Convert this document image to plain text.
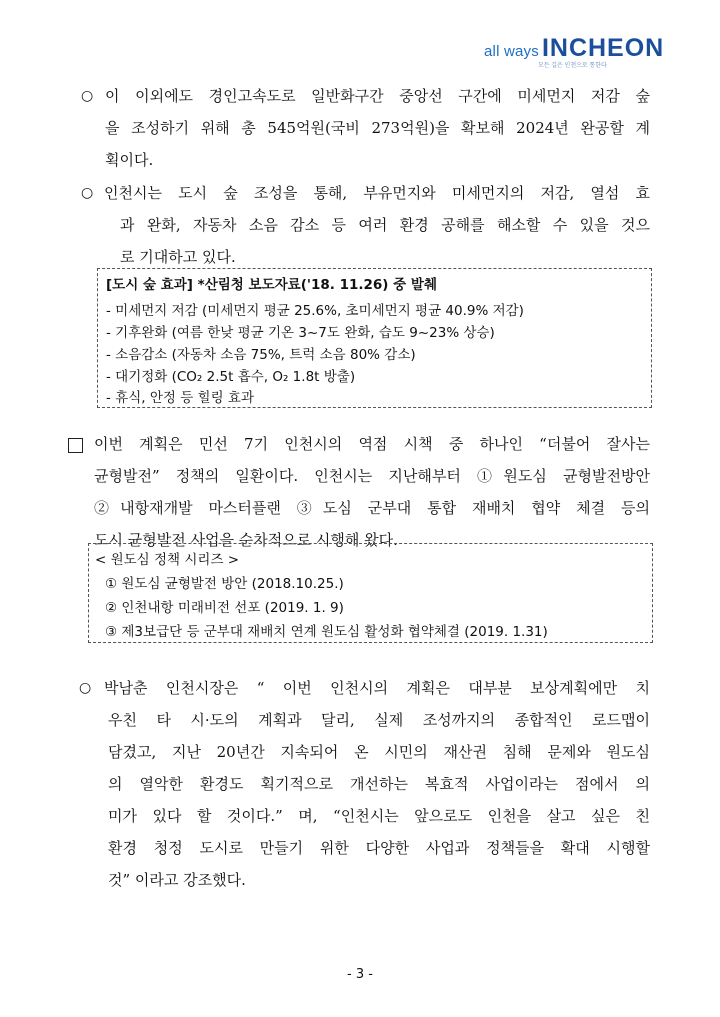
all ways INCHEON
모든 길은 인천으로 통한다
○ 이 이외에도 경인고속도로 일반화구간 중앙선 구간에 미세먼지 저감 숲
을 조성하기 위해 총 545억원(국비 273억원)을 확보해 2024년 완공할 계
획이다.
○ 인천시는 도시 숲 조성을 통해, 부유먼지와 미세먼지의 저감, 열섬 효
과 완화, 자동차 소음 감소 등 여러 환경 공해를 해소할 수 있을 것으
로 기대하고 있다.
[도시 숲 효과] *산림청 보도자료('18. 11.26) 중 발췌
- 미세먼지 저감 (미세먼지 평균 25.6%, 초미세먼지 평균 40.9% 저감)
- 기후완화 (여름 한낮 평균 기온 3~7도 완화, 습도 9~23% 상승)
- 소음감소 (자동차 소음 75%, 트럭 소음 80% 감소)
- 대기정화 (CO₂ 2.5t 흡수, O₂ 1.8t 방출)
- 휴식, 안정 등 힐링 효과
이번 계획은 민선 7기 인천시의 역점 시책 중 하나인 “더불어 잘사는
균형발전” 정책의 일환이다. 인천시는 지난해부터 ①원도심 균형발전방안
②내항재개발 마스터플랜 ③도심 군부대 통합 재배치 협약 체결 등의
도시 균형발전 사업을 순차적으로 시행해 왔다.
< 원도심 정책 시리즈 >
① 원도심 균형발전 방안 (2018.10.25.)
② 인천내항 미래비전 선포 (2019. 1. 9)
③ 제3보급단 등 군부대 재배치 연계 원도심 활성화 협약체결 (2019. 1.31)
○ 박남춘 인천시장은 “ 이번 인천시의 계획은 대부분 보상계획에만 치
우친 타 시·도의 계획과 달리, 실제 조성까지의 종합적인 로드맵이
담겼고, 지난 20년간 지속되어 온 시민의 재산권 침해 문제와 원도심
의 열악한 환경도 획기적으로 개선하는 복효적 사업이라는 점에서 의
미가 있다 할 것이다.” 며, “인천시는 앞으로도 인천을 살고 싶은 친
환경 청정 도시로 만들기 위한 다양한 사업과 정책들을 확대 시행할
것” 이라고 강조했다.
- 3 -
